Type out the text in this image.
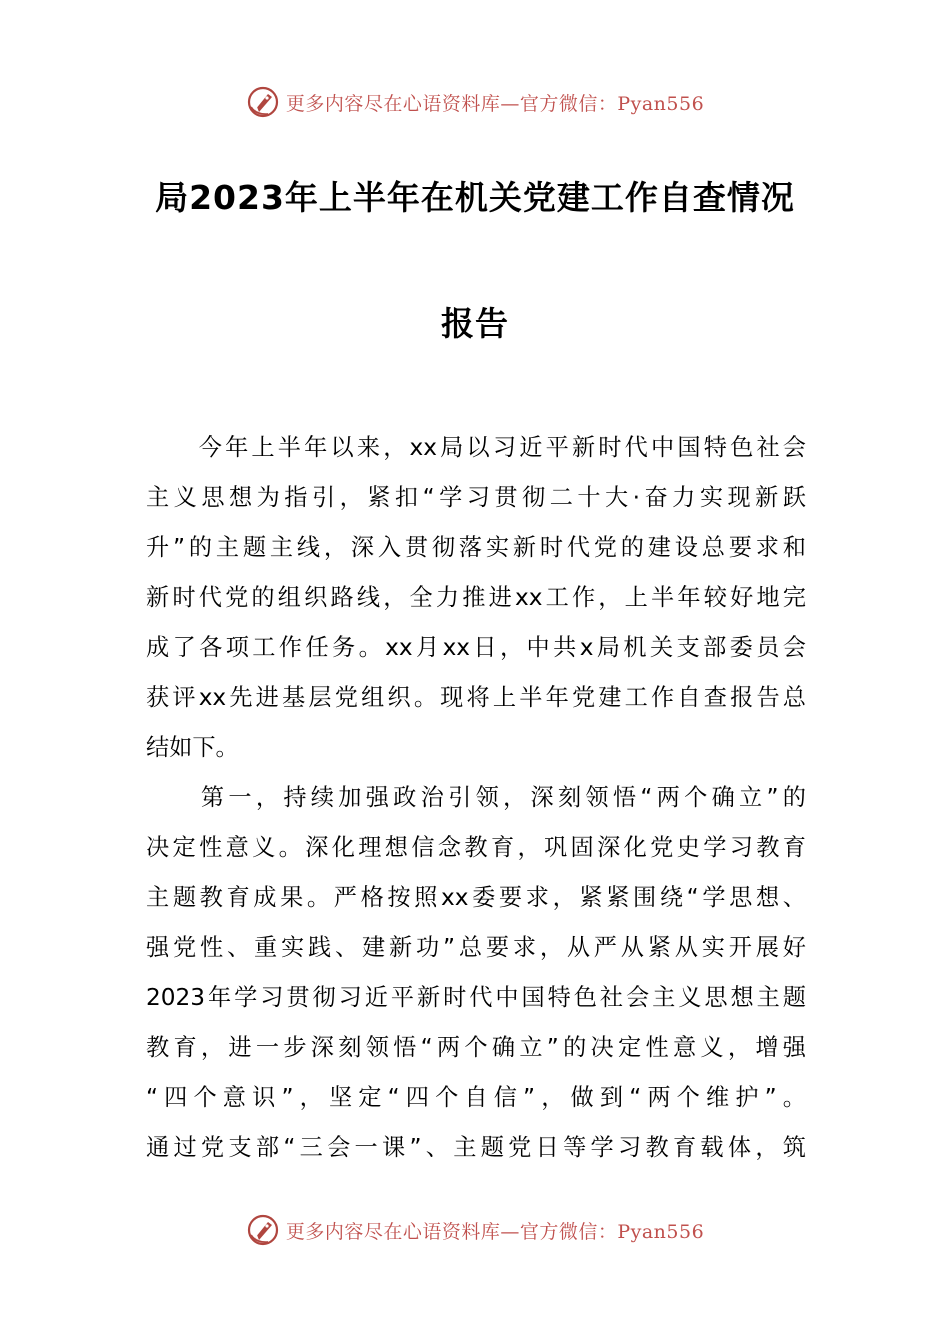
更多内容尽在心语资料库—官方微信：Pyan556
局2023年上半年在机关党建工作自查情况
报告
　　今年上半年以来，xx局以习近平新时代中国特色社会
主义思想为指引，紧扣“学习贯彻二十大·奋力实现新跃
升”的主题主线，深入贯彻落实新时代党的建设总要求和
新时代党的组织路线，全力推进xx工作，上半年较好地完
成了各项工作任务。xx月xx日，中共x局机关支部委员会
获评xx先进基层党组织。现将上半年党建工作自查报告总
结如下。
　　第一，持续加强政治引领，深刻领悟“两个确立”的
决定性意义。深化理想信念教育，巩固深化党史学习教育
主题教育成果。严格按照xx委要求，紧紧围绕“学思想、
强党性、重实践、建新功”总要求，从严从紧从实开展好
2023年学习贯彻习近平新时代中国特色社会主义思想主题
教育，进一步深刻领悟“两个确立”的决定性意义，增强
“四个意识”，坚定“四个自信”，做到“两个维护”。
通过党支部“三会一课”、主题党日等学习教育载体，筑
更多内容尽在心语资料库—官方微信：Pyan556
